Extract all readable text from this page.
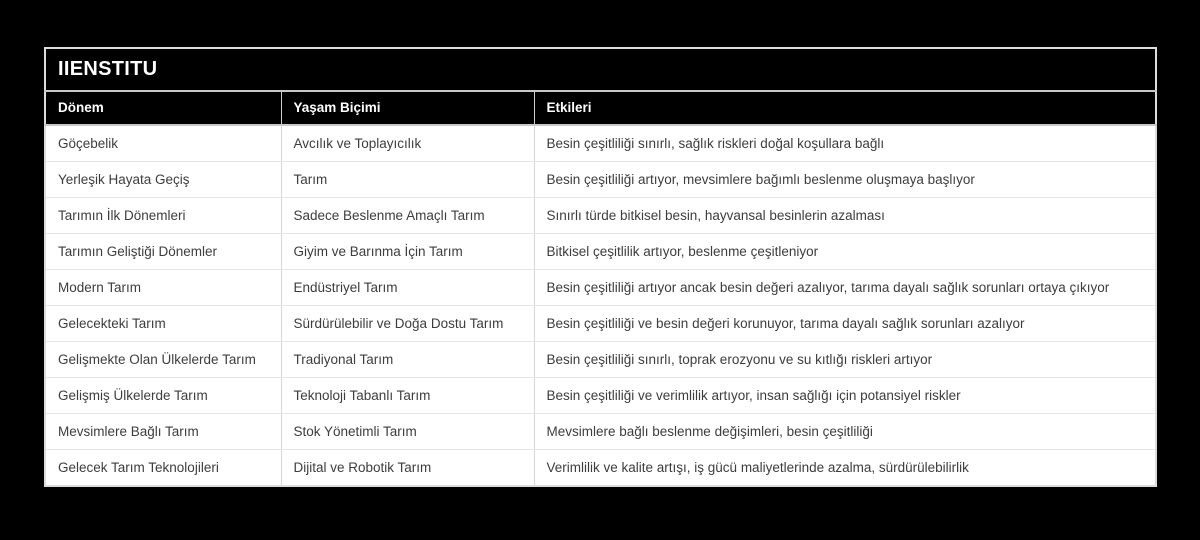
IIENSTITU		
Dönem	Yaşam Biçimi	Etkileri
Göçebelik	Avcılık ve Toplayıcılık	Besin çeşitliliği sınırlı, sağlık riskleri doğal koşullara bağlı
Yerleşik Hayata Geçiş	Tarım	Besin çeşitliliği artıyor, mevsimlere bağımlı beslenme oluşmaya başlıyor
Tarımın İlk Dönemleri	Sadece Beslenme Amaçlı Tarım	Sınırlı türde bitkisel besin, hayvansal besinlerin azalması
Tarımın Geliştiği Dönemler	Giyim ve Barınma İçin Tarım	Bitkisel çeşitlilik artıyor, beslenme çeşitleniyor
Modern Tarım	Endüstriyel Tarım	Besin çeşitliliği artıyor ancak besin değeri azalıyor, tarıma dayalı sağlık sorunları ortaya çıkıyor
Gelecekteki Tarım	Sürdürülebilir ve Doğa Dostu Tarım	Besin çeşitliliği ve besin değeri korunuyor, tarıma dayalı sağlık sorunları azalıyor
Gelişmekte Olan Ülkelerde Tarım	Tradiyonal Tarım	Besin çeşitliliği sınırlı, toprak erozyonu ve su kıtlığı riskleri artıyor
Gelişmiş Ülkelerde Tarım	Teknoloji Tabanlı Tarım	Besin çeşitliliği ve verimlilik artıyor, insan sağlığı için potansiyel riskler
Mevsimlere Bağlı Tarım	Stok Yönetimli Tarım	Mevsimlere bağlı beslenme değişimleri, besin çeşitliliği
Gelecek Tarım Teknolojileri	Dijital ve Robotik Tarım	Verimlilik ve kalite artışı, iş gücü maliyetlerinde azalma, sürdürülebilirlik
